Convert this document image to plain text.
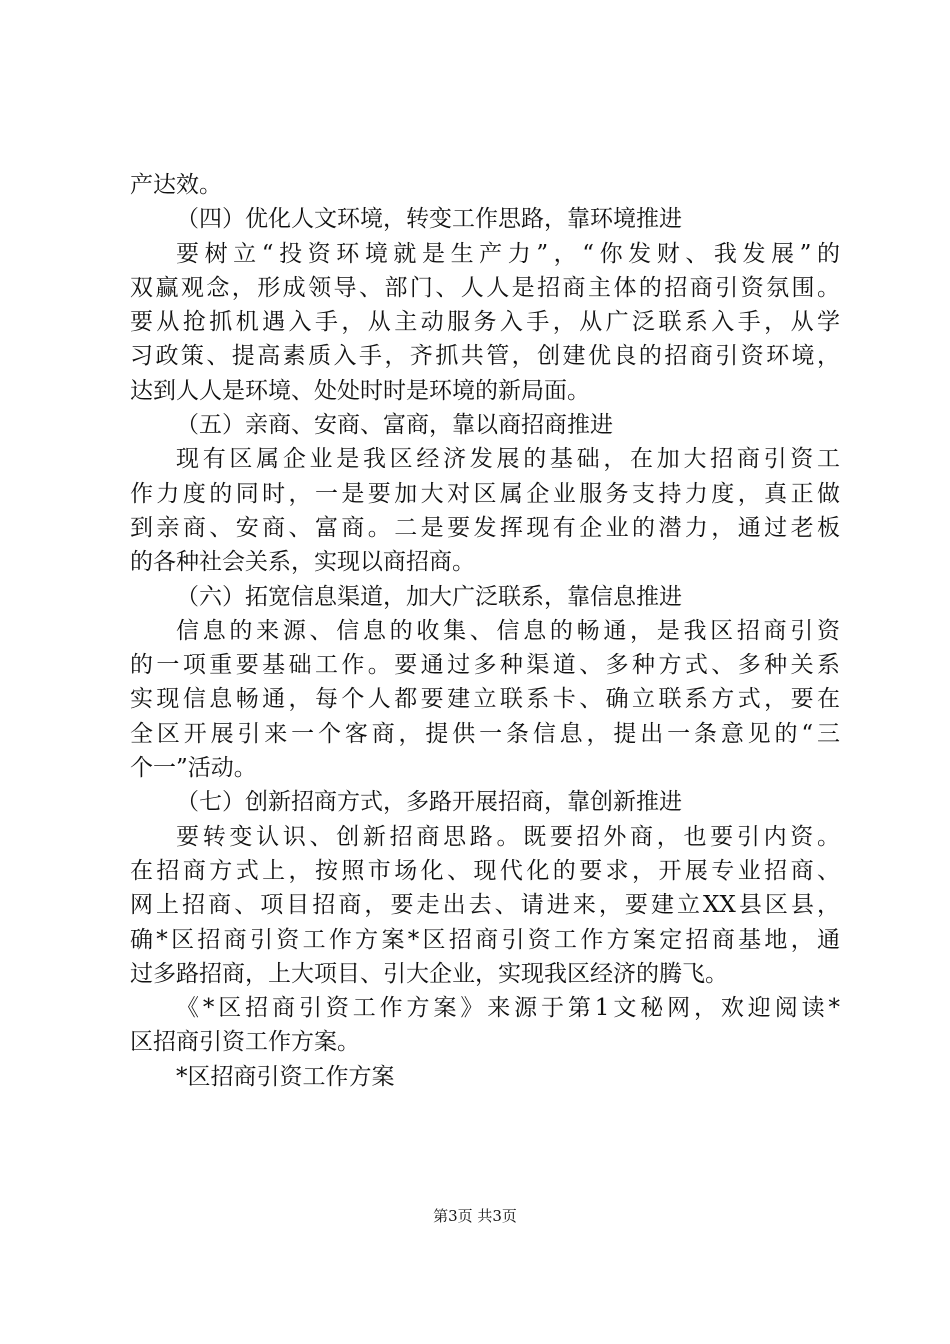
产达效。
（四）优化人文环境，转变工作思路，靠环境推进
要树立“投资环境就是生产力”，“你发财、我发展”的
双赢观念，形成领导、部门、人人是招商主体的招商引资氛围。
要从抢抓机遇入手，从主动服务入手，从广泛联系入手，从学
习政策、提高素质入手，齐抓共管，创建优良的招商引资环境，
达到人人是环境、处处时时是环境的新局面。
（五）亲商、安商、富商，靠以商招商推进
现有区属企业是我区经济发展的基础，在加大招商引资工
作力度的同时，一是要加大对区属企业服务支持力度，真正做
到亲商、安商、富商。二是要发挥现有企业的潜力，通过老板
的各种社会关系，实现以商招商。
（六）拓宽信息渠道，加大广泛联系，靠信息推进
信息的来源、信息的收集、信息的畅通，是我区招商引资
的一项重要基础工作。要通过多种渠道、多种方式、多种关系
实现信息畅通，每个人都要建立联系卡、确立联系方式，要在
全区开展引来一个客商，提供一条信息，提出一条意见的“三
个一”活动。
（七）创新招商方式，多路开展招商，靠创新推进
要转变认识、创新招商思路。既要招外商，也要引内资。
在招商方式上，按照市场化、现代化的要求，开展专业招商、
网上招商、项目招商，要走出去、请进来，要建立XX县区县，
确*区招商引资工作方案*区招商引资工作方案定招商基地，通
过多路招商，上大项目、引大企业，实现我区经济的腾飞。
《*区招商引资工作方案》来源于第1文秘网，欢迎阅读*
区招商引资工作方案。
*区招商引资工作方案
第3页 共3页
